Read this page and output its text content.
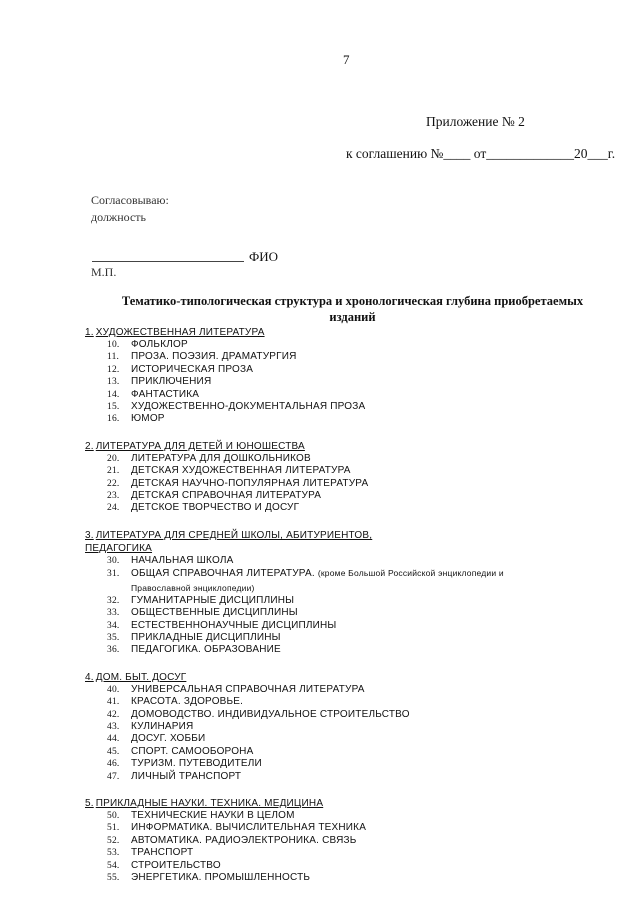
7
Приложение № 2
к соглашению №____ от_____________20___г.
Согласовываю:
должность
ФИО
М.П.
Тематико-типологическая структура и хронологическая глубина приобретаемых изданий
1. ХУДОЖЕСТВЕННАЯ ЛИТЕРАТУРА
10. ФОЛЬКЛОР
11. ПРОЗА. ПОЭЗИЯ. ДРАМАТУРГИЯ
12. ИСТОРИЧЕСКАЯ ПРОЗА
13. ПРИКЛЮЧЕНИЯ
14. ФАНТАСТИКА
15. ХУДОЖЕСТВЕННО-ДОКУМЕНТАЛЬНАЯ ПРОЗА
16. ЮМОР
2. ЛИТЕРАТУРА ДЛЯ ДЕТЕЙ И ЮНОШЕСТВА
20. ЛИТЕРАТУРА ДЛЯ ДОШКОЛЬНИКОВ
21. ДЕТСКАЯ ХУДОЖЕСТВЕННАЯ ЛИТЕРАТУРА
22. ДЕТСКАЯ НАУЧНО-ПОПУЛЯРНАЯ ЛИТЕРАТУРА
23. ДЕТСКАЯ СПРАВОЧНАЯ ЛИТЕРАТУРА
24. ДЕТСКОЕ ТВОРЧЕСТВО И ДОСУГ
3. ЛИТЕРАТУРА ДЛЯ СРЕДНЕЙ ШКОЛЫ, АБИТУРИЕНТОВ,
ПЕДАГОГИКА
30. НАЧАЛЬНАЯ ШКОЛА
31. ОБЩАЯ СПРАВОЧНАЯ ЛИТЕРАТУРА. (кроме Большой Российской энциклопедии и
Православной энциклопедии)
32. ГУМАНИТАРНЫЕ ДИСЦИПЛИНЫ
33. ОБЩЕСТВЕННЫЕ ДИСЦИПЛИНЫ
34. ЕСТЕСТВЕННОНАУЧНЫЕ ДИСЦИПЛИНЫ
35. ПРИКЛАДНЫЕ ДИСЦИПЛИНЫ
36. ПЕДАГОГИКА. ОБРАЗОВАНИЕ
4. ДОМ. БЫТ. ДОСУГ
40. УНИВЕРСАЛЬНАЯ СПРАВОЧНАЯ ЛИТЕРАТУРА
41. КРАСОТА. ЗДОРОВЬЕ.
42. ДОМОВОДСТВО. ИНДИВИДУАЛЬНОЕ СТРОИТЕЛЬСТВО
43. КУЛИНАРИЯ
44. ДОСУГ. ХОББИ
45. СПОРТ. САМООБОРОНА
46. ТУРИЗМ. ПУТЕВОДИТЕЛИ
47. ЛИЧНЫЙ ТРАНСПОРТ
5. ПРИКЛАДНЫЕ НАУКИ. ТЕХНИКА. МЕДИЦИНА
50. ТЕХНИЧЕСКИЕ НАУКИ В ЦЕЛОМ
51. ИНФОРМАТИКА. ВЫЧИСЛИТЕЛЬНАЯ ТЕХНИКА
52. АВТОМАТИКА. РАДИОЭЛЕКТРОНИКА. СВЯЗЬ
53. ТРАНСПОРТ
54. СТРОИТЕЛЬСТВО
55. ЭНЕРГЕТИКА. ПРОМЫШЛЕННОСТЬ
